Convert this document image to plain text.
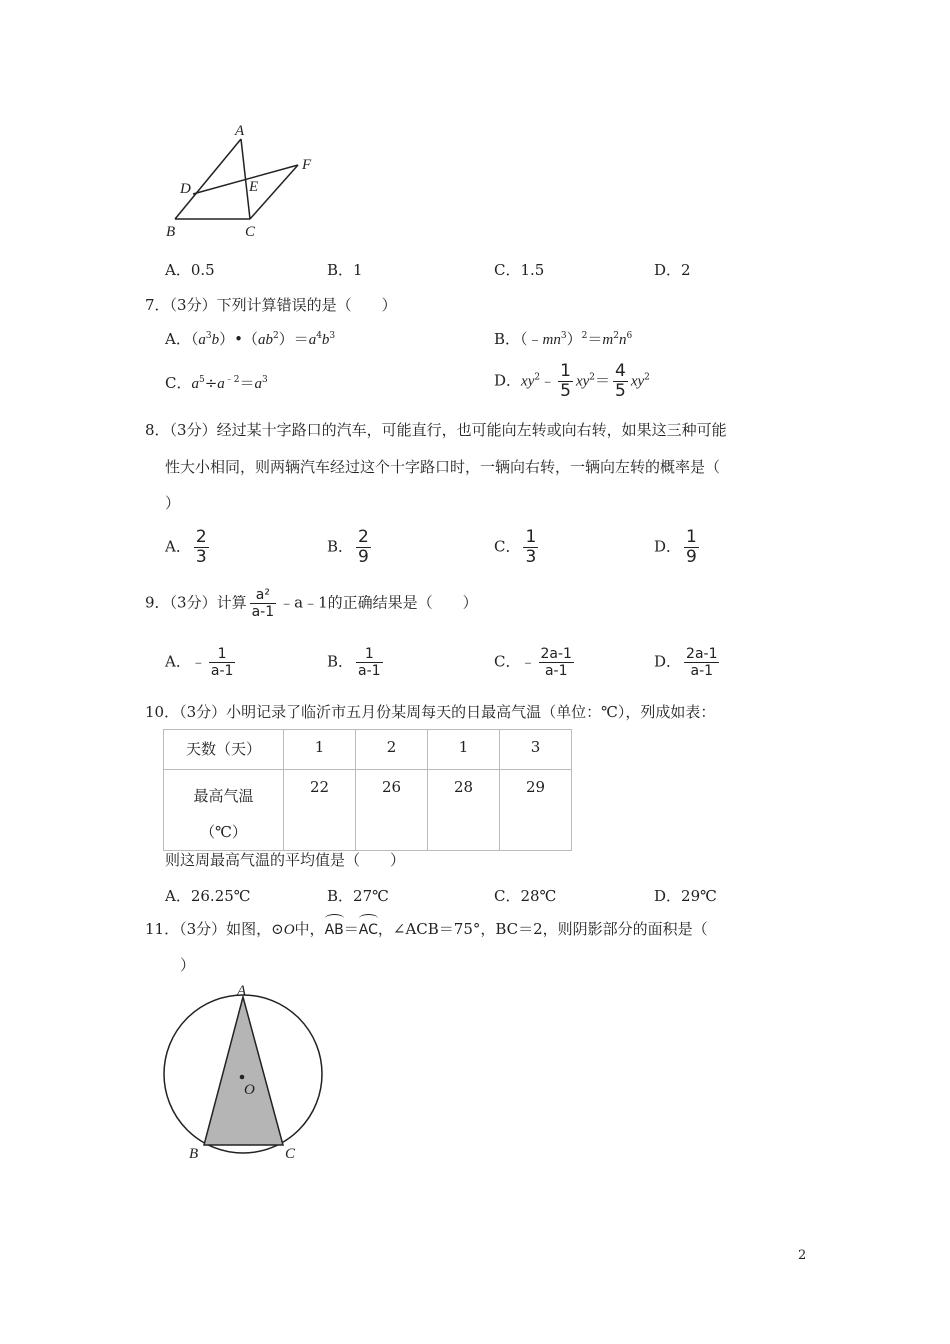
A
B	C
D	E
F
A．0.5	B．1	C．1.5	D．2
7．（3分）下列计算错误的是（　　）
A．$(a^3b)•(ab^2)=a^4b^3$	B．$(﹣mn^3)^2=m^2n^6$
C．$a^5\div a^{﹣2}=a^3$	D．$xy^2﹣ \frac{1}{5} xy^2= \frac{4}{5} xy^2$
8．（3分）经过某十字路口的汽车，可能直行，也可能向左转或向右转，如果这三种可能
性大小相同，则两辆汽车经过这个十字路口时，一辆向右转，一辆向左转的概率是（
）
A． $\frac{2}{3}$	B． $\frac{2}{9}$	C． $\frac{1}{3}$	D． $\frac{1}{9}$
9．（3分）计算 $\frac{\text{a²}}{a-1}$ ﹣a﹣1的正确结果是（　　）
A．﹣ $\frac{1}{a-1}$	B． $\frac{1}{a-1}$	C．﹣ $\frac{2a-1}{a-1}$	D． $\frac{2a-1}{a-1}$
10．（3分）小明记录了临沂市五月份某周每天的日最高气温（单位：℃），列成如表：
天数（天）	1	2	1	3

最高气温
（℃）	22	26	28	29
则这周最高气温的平均值是（　　）
A．26.25℃	B．27℃	C．28℃	D．29℃
11．（3分）如图，⊙O中，
AB＝
AC，∠ACB＝75°，BC＝2，则阴影部分的面积是（
）
A
B	C
O
2
